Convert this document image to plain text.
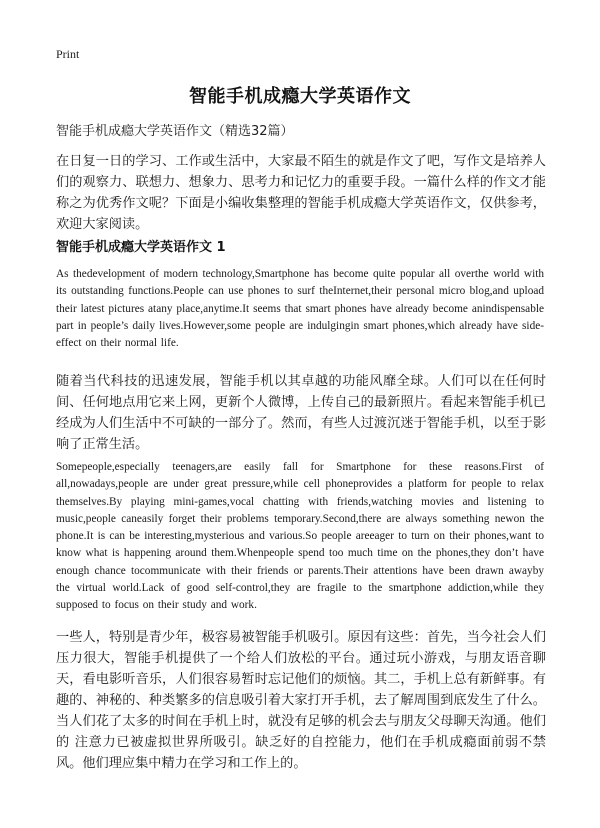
Print
智能手机成瘾大学英语作文
智能手机成瘾大学英语作文（精选32篇）
在日复一日的学习、工作或生活中，大家最不陌生的就是作文了吧，写作文是培养人们的观察力、联想力、想象力、思考力和记忆力的重要手段。一篇什么样的作文才能称之为优秀作文呢？下面是小编收集整理的智能手机成瘾大学英语作文，仅供参考，欢迎大家阅读。
智能手机成瘾大学英语作文 1
As thedevelopment of modern technology,Smartphone has become quite popular all overthe world with its outstanding functions.People can use phones to surf theInternet,their personal micro blog,and upload their latest pictures atany place,anytime.It seems that smart phones have already become anindispensable part in people’s daily lives.However,some people are indulgingin smart phones,which already have side-effect on their normal life.
随着当代科技的迅速发展，智能手机以其卓越的功能风靡全球。人们可以在任何时间、任何地点用它来上网，更新个人微博，上传自己的最新照片。看起来智能手机已经成为人们生活中不可缺的一部分了。然而，有些人过渡沉迷于智能手机，以至于影响了正常生活。
Somepeople,especially teenagers,are easily fall for Smartphone for these reasons.First of all,nowadays,people are under great pressure,while cell phoneprovides a platform for people to relax themselves.By playing mini-games,vocal chatting with friends,watching movies and listening to music,people caneasily forget their problems temporary.Second,there are always something newon the phone.It is can be interesting,mysterious and various.So people areeager to turn on their phones,want to know what is happening around them.Whenpeople spend too much time on the phones,they don’t have enough chance tocommunicate with their friends or parents.Their attentions have been drawn awayby the virtual world.Lack of good self-control,they are fragile to the smartphone addiction,while they supposed to focus on their study and work.
一些人，特别是青少年，极容易被智能手机吸引。原因有这些：首先，当今社会人们压力很大，智能手机提供了一个给人们放松的平台。通过玩小游戏，与朋友语音聊天，看电影听音乐，人们很容易暂时忘记他们的烦恼。其二，手机上总有新鲜事。有趣的、神秘的、种类繁多的信息吸引着大家打开手机，去了解周围到底发生了什么。当人们花了太多的时间在手机上时，就没有足够的机会去与朋友父母聊天沟通。他们的 注意力已被虚拟世界所吸引。缺乏好的自控能力，他们在手机成瘾面前弱不禁风。他们理应集中精力在学习和工作上的。
